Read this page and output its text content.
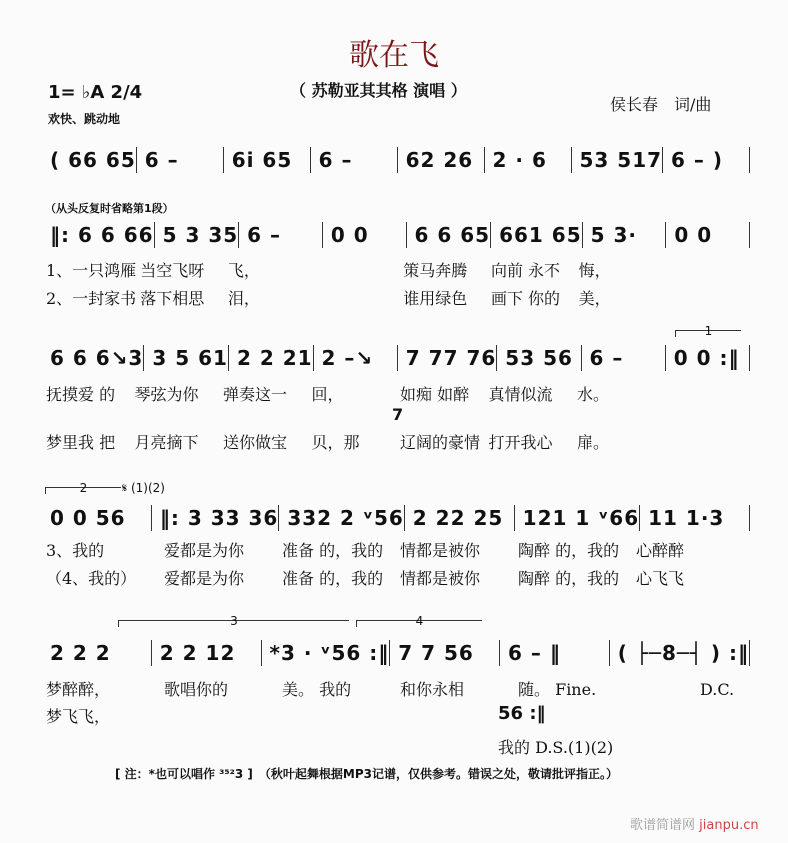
歌在飞
（ 苏勒亚其其格 演唱 ）
1= ♭A 2/4
欢快、跳动地
侯长春　词/曲
（从头反复时省略第1段）
( 66 65 6 –	6i 65	6 –	62 26 2 · 6	53 517 6 – )
‖: 6 6 66 5 3 35 6 –	0 0	6 6 65 661 65 5 3·	0 0
1、一只鸿雁 当空飞呀	飞，	策马奔腾	向前 永不	悔，
2、一封家书 落下相思	泪，	谁用绿色	画下 你的	美，
6 6 6↘3 3 5 61 2 2 21 2 –↘	7 77 76 53 56 6 –	0 0 :‖
抚摸爱 的	琴弦为你	弹奏这一	回，	如痴 如醉	真情似流	水。
梦里我 把	月亮摘下	送你做宝	贝，那	辽阔的豪情 打开我心	扉。
0 0 56	‖: 3 33 36 332 2 ᵛ56 2 22 25 121 1 ᵛ66 11 1·3
3、我的	爱都是为你	准备 的，我的	情都是被你	陶醉 的，我的	心醉醉
（4、我的）	爱都是为你	准备 的，我的	情都是被你	陶醉 的，我的	心飞飞
2 2 2	2 2 12	*3 · ᵛ56 :‖ 7 7 56	6 – ‖	( ├─8─┤ ) :‖
梦醉醉，	歌唱你的	美。 我的	和你永相	随。 Fine.	　　　　D.C.
梦飞飞，
1
2	𝄋 (1)(2)
3	4
7
56 :‖
我的 D.S.(1)(2)
[ 注：*也可以唱作 ³⁵²3 ]　（秋叶起舞根据MP3记谱，仅供参考。错误之处，敬请批评指正。）
歌谱简谱网 jianpu.cn
